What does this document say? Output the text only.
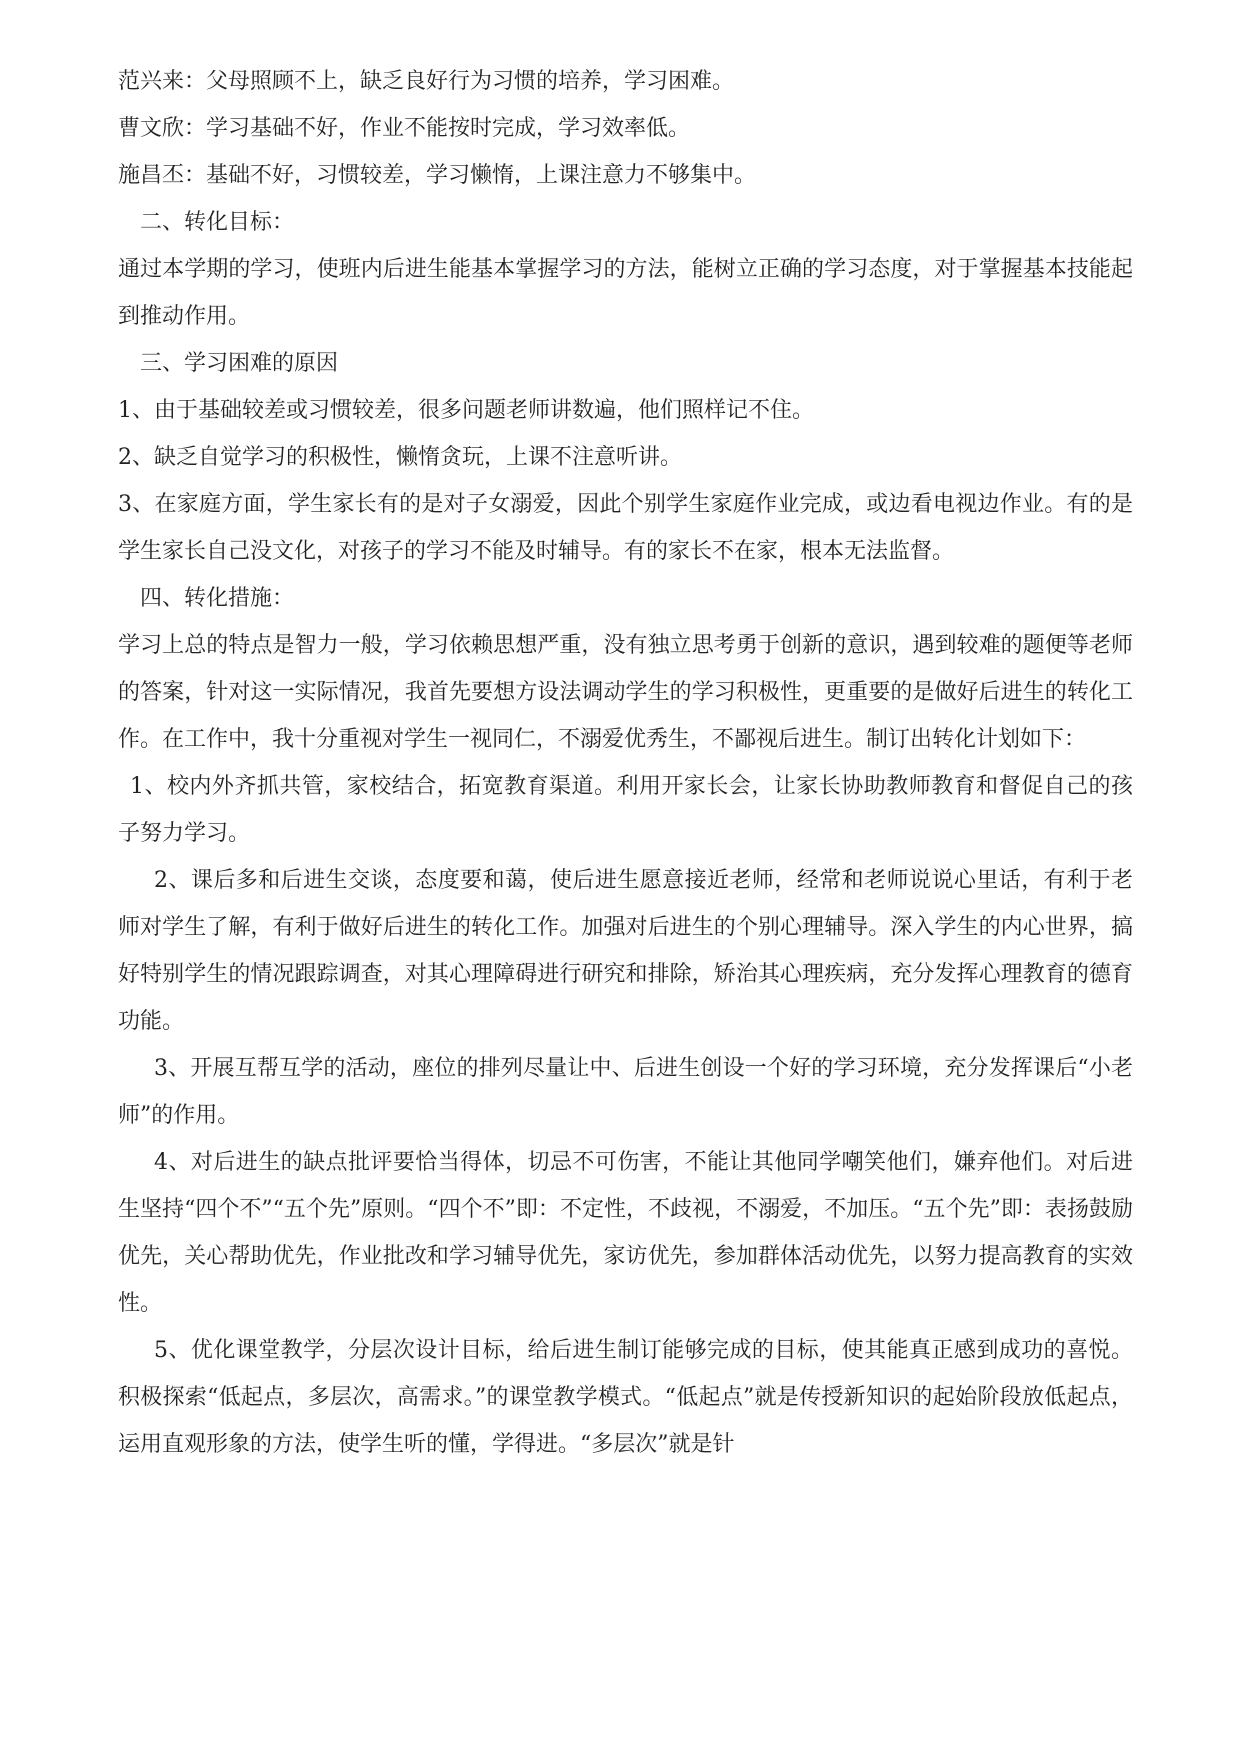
范兴来：父母照顾不上，缺乏良好行为习惯的培养，学习困难。

曹文欣：学习基础不好，作业不能按时完成，学习效率低。

施昌丕：基础不好，习惯较差，学习懒惰，上课注意力不够集中。

二、转化目标：

通过本学期的学习，使班内后进生能基本掌握学习的方法，能树立正确的学习态度，对于掌握基本技能起到推动作用。

三、学习困难的原因

1、由于基础较差或习惯较差，很多问题老师讲数遍，他们照样记不住。

2、缺乏自觉学习的积极性，懒惰贪玩，上课不注意听讲。

3、在家庭方面，学生家长有的是对子女溺爱，因此个别学生家庭作业完成，或边看电视边作业。有的是学生家长自己没文化，对孩子的学习不能及时辅导。有的家长不在家，根本无法监督。

四、转化措施：

学习上总的特点是智力一般，学习依赖思想严重，没有独立思考勇于创新的意识，遇到较难的题便等老师的答案，针对这一实际情况，我首先要想方设法调动学生的学习积极性，更重要的是做好后进生的转化工作。在工作中，我十分重视对学生一视同仁，不溺爱优秀生，不鄙视后进生。制订出转化计划如下：

1、校内外齐抓共管，家校结合，拓宽教育渠道。利用开家长会，让家长协助教师教育和督促自己的孩子努力学习。

2、课后多和后进生交谈，态度要和蔼，使后进生愿意接近老师，经常和老师说说心里话，有利于老师对学生了解，有利于做好后进生的转化工作。加强对后进生的个别心理辅导。深入学生的内心世界，搞好特别学生的情况跟踪调查，对其心理障碍进行研究和排除，矫治其心理疾病，充分发挥心理教育的德育功能。

3、开展互帮互学的活动，座位的排列尽量让中、后进生创设一个好的学习环境，充分发挥课后“小老师”的作用。

4、对后进生的缺点批评要恰当得体，切忌不可伤害，不能让其他同学嘲笑他们，嫌弃他们。对后进生坚持“四个不”“五个先”原则。“四个不”即：不定性，不歧视，不溺爱，不加压。“五个先”即：表扬鼓励优先，关心帮助优先，作业批改和学习辅导优先，家访优先，参加群体活动优先，以努力提高教育的实效性。

5、优化课堂教学，分层次设计目标，给后进生制订能够完成的目标，使其能真正感到成功的喜悦。积极探索“低起点，多层次，高需求。”的课堂教学模式。“低起点”就是传授新知识的起始阶段放低起点，运用直观形象的方法，使学生听的懂，学得进。“多层次”就是针
